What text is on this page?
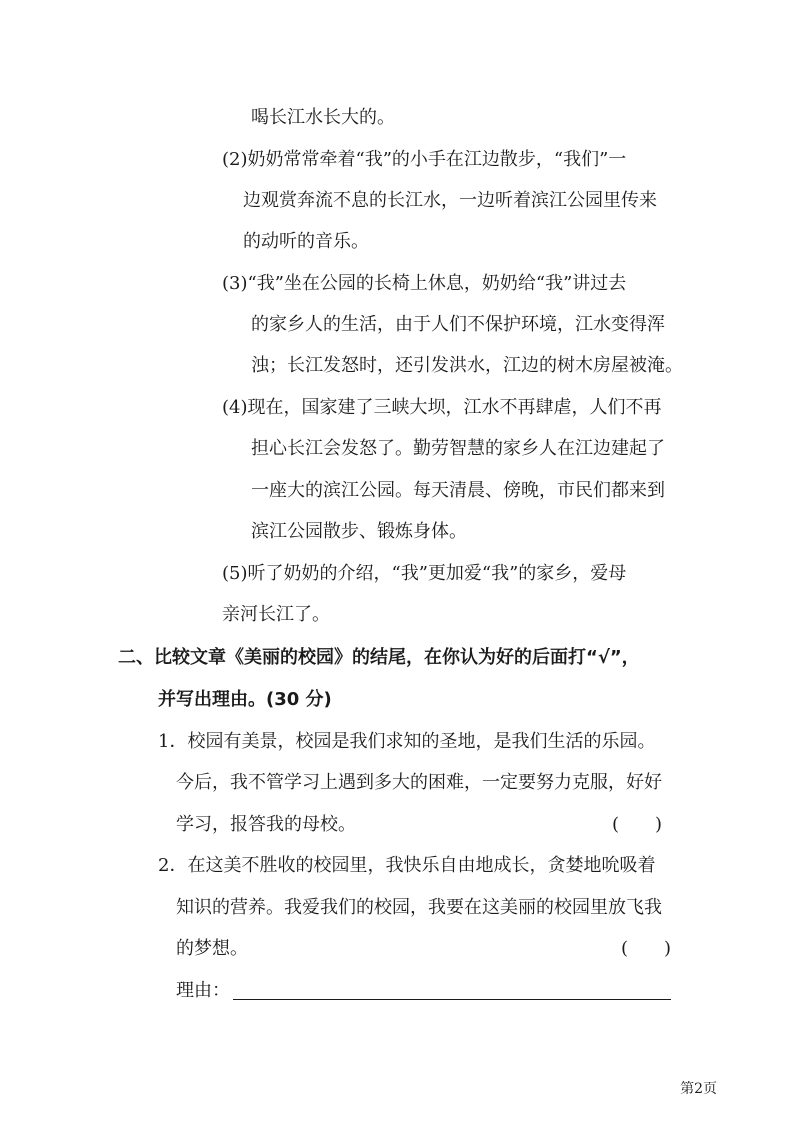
喝长江水长大的。
(2)奶奶常常牵着“我”的小手在江边散步，“我们”一
边观赏奔流不息的长江水，一边听着滨江公园里传来
的动听的音乐。
(3)“我”坐在公园的长椅上休息，奶奶给“我”讲过去
的家乡人的生活，由于人们不保护环境，江水变得浑
浊；长江发怒时，还引发洪水，江边的树木房屋被淹。
(4)现在，国家建了三峡大坝，江水不再肆虐，人们不再
担心长江会发怒了。勤劳智慧的家乡人在江边建起了
一座大的滨江公园。每天清晨、傍晚，市民们都来到
滨江公园散步、锻炼身体。
(5)听了奶奶的介绍，“我”更加爱“我”的家乡，爱母
亲河长江了。
二、比较文章《美丽的校园》的结尾，在你认为好的后面打“√”，
并写出理由。(30 分)
1．校园有美景，校园是我们求知的圣地，是我们生活的乐园。
今后，我不管学习上遇到多大的困难，一定要努力克服，好好
学习，报答我的母校。	(　　)
2．在这美不胜收的校园里，我快乐自由地成长，贪婪地吮吸着
知识的营养。我爱我们的校园，我要在这美丽的校园里放飞我
的梦想。	(　　)
理由：
第2页
